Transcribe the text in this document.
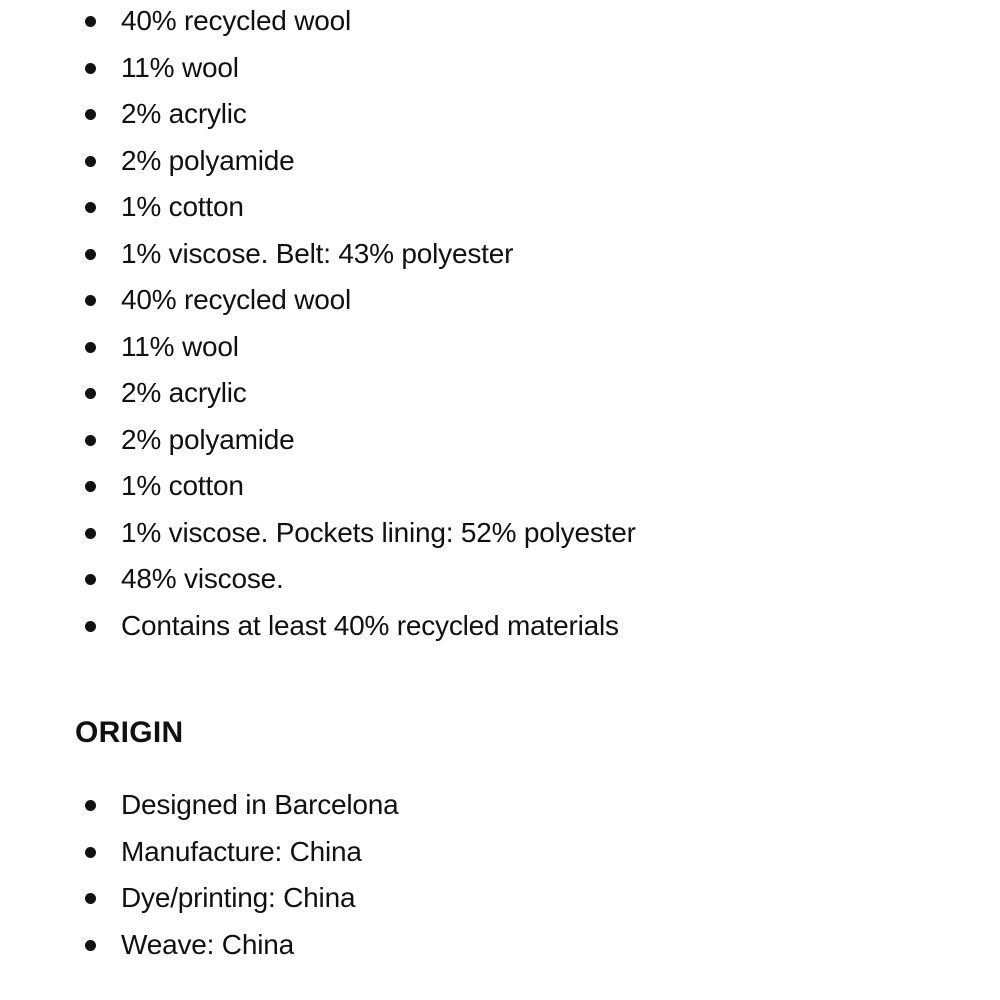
40% recycled wool
11% wool
2% acrylic
2% polyamide
1% cotton
1% viscose. Belt: 43% polyester
40% recycled wool
11% wool
2% acrylic
2% polyamide
1% cotton
1% viscose. Pockets lining: 52% polyester
48% viscose.
Contains at least 40% recycled materials
ORIGIN
Designed in Barcelona
Manufacture: China
Dye/printing: China
Weave: China
